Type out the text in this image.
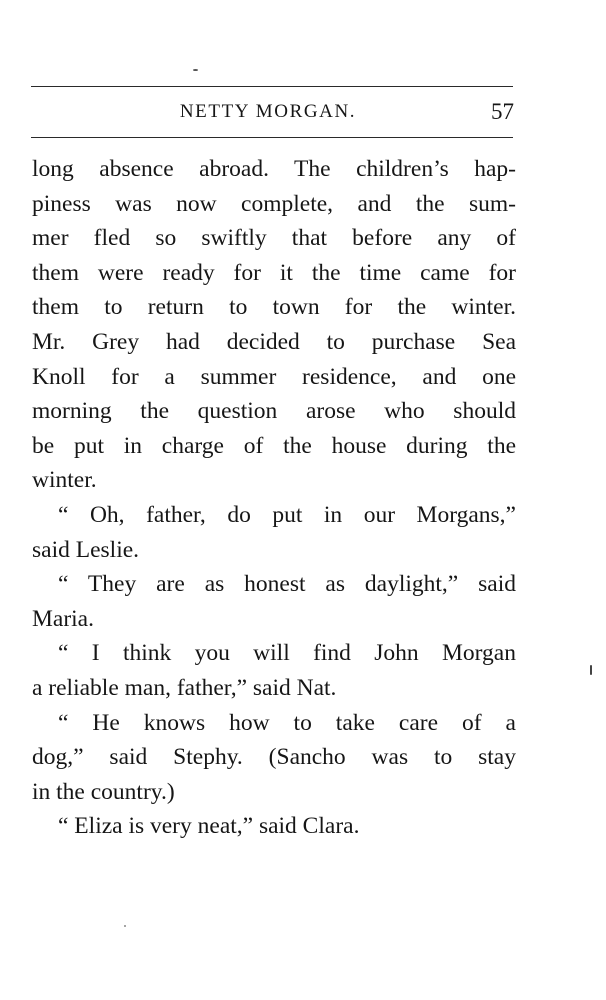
NETTY MORGAN.	57
long absence abroad. The children’s hap-
piness was now complete, and the sum-
mer fled so swiftly that before any of
them were ready for it the time came for
them to return to town for the winter.
Mr. Grey had decided to purchase Sea
Knoll for a summer residence, and one
morning the question arose who should
be put in charge of the house during the
winter.
“ Oh, father, do put in our Morgans,”
said Leslie.
“ They are as honest as daylight,” said
Maria.
“ I think you will find John Morgan
a reliable man, father,” said Nat.
“ He knows how to take care of a
dog,” said Stephy. (Sancho was to stay
in the country.)
“ Eliza is very neat,” said Clara.
